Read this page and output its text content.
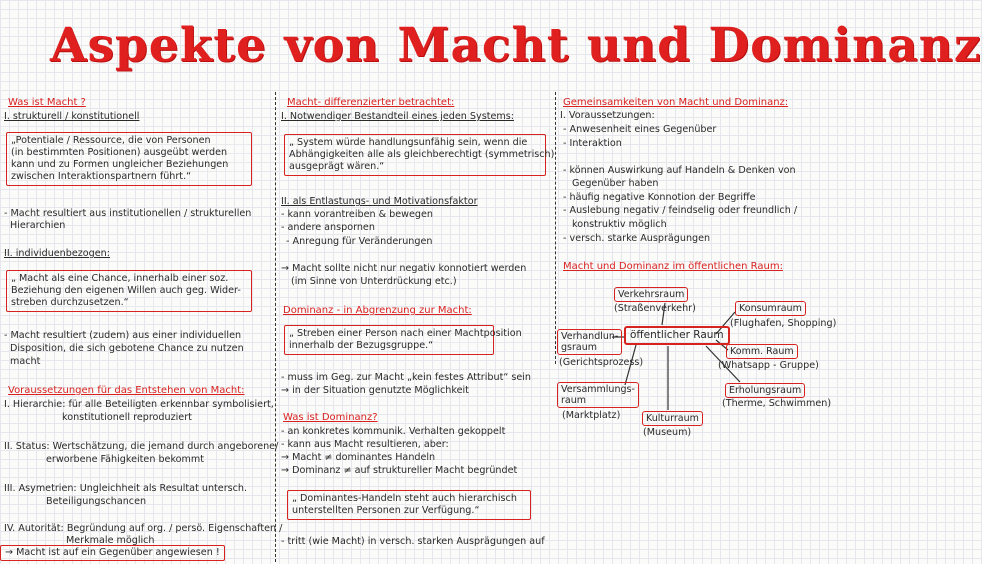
Aspekte von Macht und Dominanz
Was ist Macht ?
I. strukturell / konstitutionell
„Potentiale / Ressource, die von Personen
(in bestimmten Positionen) ausgeübt werden
kann und zu Formen ungleicher Beziehungen
zwischen Interaktionspartnern führt.“
- Macht resultiert aus institutionellen / strukturellen
Hierarchien
II. individuenbezogen:
„ Macht als eine Chance, innerhalb einer soz.
Beziehung den eigenen Willen auch geg. Wider-
streben durchzusetzen.“
- Macht resultiert (zudem) aus einer individuellen
Disposition, die sich gebotene Chance zu nutzen
macht
Voraussetzungen für das Entstehen von Macht:
I. Hierarchie: für alle Beteiligten erkennbar symbolisiert,
konstitutionell reproduziert
II. Status: Wertschätzung, die jemand durch angeborene/
erworbene Fähigkeiten bekommt
III. Asymetrien: Ungleichheit als Resultat untersch.
Beteiligungschancen
IV. Autorität: Begründung auf org. / persö. Eigenschaften /
Merkmale möglich
→ Macht ist auf ein Gegenüber angewiesen !
Macht- differenzierter betrachtet:
I. Notwendiger Bestandteil eines jeden Systems:
„ System würde handlungsunfähig sein, wenn die
Abhängigkeiten alle als gleichberechtigt (symmetrisch)
ausgeprägt wären.“
II. als Entlastungs- und Motivationsfaktor
- kann vorantreiben & bewegen
- andere anspornen
- Anregung für Veränderungen
→ Macht sollte nicht nur negativ konnotiert werden
(im Sinne von Unterdrückung etc.)
Dominanz - in Abgrenzung zur Macht:
„ Streben einer Person nach einer Machtposition
innerhalb der Bezugsgruppe.“
- muss im Geg. zur Macht „kein festes Attribut“ sein
→ in der Situation genutzte Möglichkeit
Was ist Dominanz?
- an konkretes kommunik. Verhalten gekoppelt
- kann aus Macht resultieren, aber:
→ Macht ≠ dominantes Handeln
→ Dominanz ≠ auf struktureller Macht begründet
„ Dominantes-Handeln steht auch hierarchisch
unterstellten Personen zur Verfügung.“
- tritt (wie Macht) in versch. starken Ausprägungen auf
Gemeinsamkeiten von Macht und Dominanz:
I. Voraussetzungen:
- Anwesenheit eines Gegenüber
- Interaktion
- können Auswirkung auf Handeln & Denken von
Gegenüber haben
- häufig negative Konnotion der Begriffe
- Auslebung negativ / feindselig oder freundlich /
konstruktiv möglich
- versch. starke Ausprägungen
Macht und Dominanz im öffentlichen Raum:
öffentlicher Raum
Verkehrsraum
(Straßenverkehr)	Konsumraum
(Flughafen, Shopping)
Verhandlun-
gsraum
(Gerichtsprozess)
Komm. Raum
(Whatsapp - Gruppe)
Versammlungs-
raum
(Marktplatz)	Kulturraum
(Museum)
Erholungsraum
(Therme, Schwimmen)
